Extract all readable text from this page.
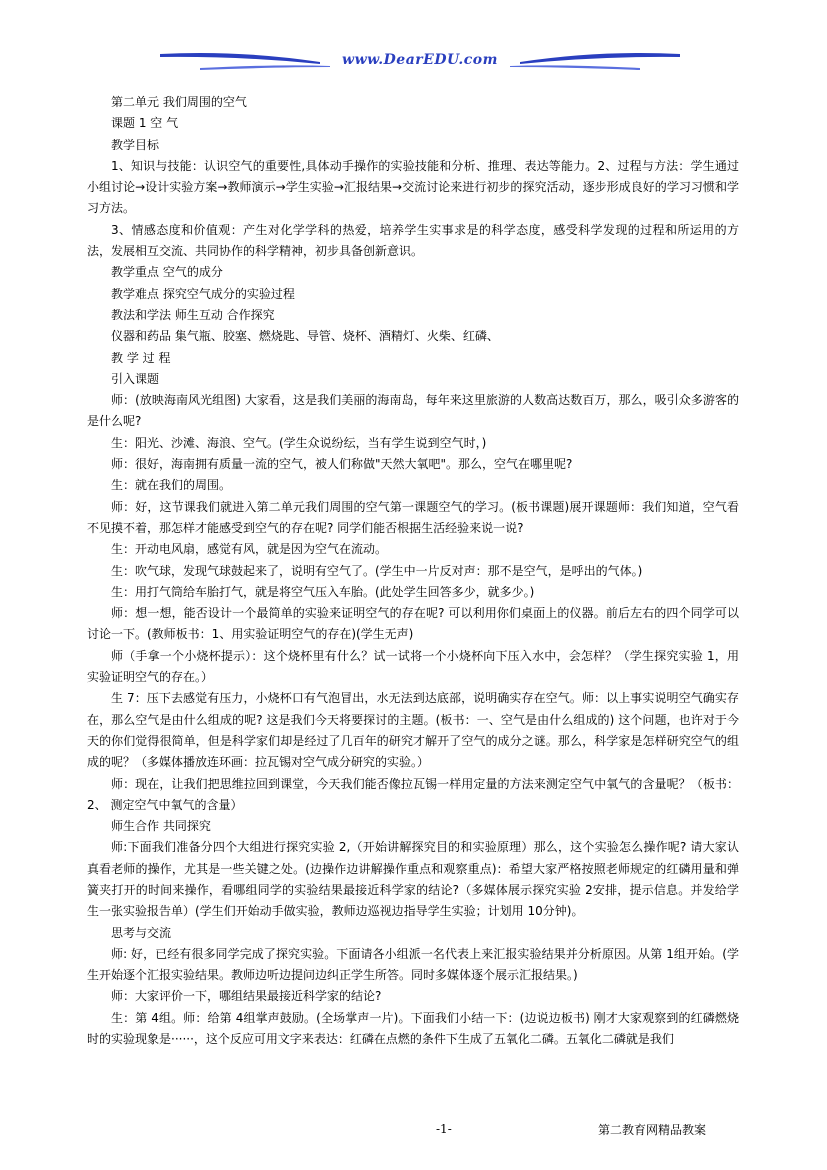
www.DearEDU.com

第二单元 我们周围的空气

课题 1 空 气

教学目标

1、知识与技能：认识空气的重要性,具体动手操作的实验技能和分析、推理、表达等能力。2、过程与方法：学生通过小组讨论→设计实验方案→教师演示→学生实验→汇报结果→交流讨论来进行初步的探究活动，逐步形成良好的学习习惯和学习方法。

3、情感态度和价值观：产生对化学学科的热爱，培养学生实事求是的科学态度，感受科学发现的过程和所运用的方法，发展相互交流、共同协作的科学精神，初步具备创新意识。

教学重点 空气的成分

教学难点 探究空气成分的实验过程

教法和学法 师生互动 合作探究

仪器和药品 集气瓶、胶塞、燃烧匙、导管、烧杯、酒精灯、火柴、红磷、

教 学 过 程

引入课题

师：(放映海南风光组图) 大家看，这是我们美丽的海南岛，每年来这里旅游的人数高达数百万，那么，吸引众多游客的是什么呢?

生：阳光、沙滩、海浪、空气。(学生众说纷纭，当有学生说到空气时，)

师：很好，海南拥有质量一流的空气，被人们称做"天然大氧吧"。那么，空气在哪里呢?

生：就在我们的周围。

师：好，这节课我们就进入第二单元我们周围的空气第一课题空气的学习。(板书课题)展开课题师：我们知道，空气看不见摸不着，那怎样才能感受到空气的存在呢? 同学们能否根据生活经验来说一说?

生：开动电风扇，感觉有风，就是因为空气在流动。

生：吹气球，发现气球鼓起来了，说明有空气了。(学生中一片反对声：那不是空气，是呼出的气体。)

生：用打气筒给车胎打气，就是将空气压入车胎。(此处学生回答多少，就多少。)

师：想一想，能否设计一个最简单的实验来证明空气的存在呢? 可以利用你们桌面上的仪器。前后左右的四个同学可以讨论一下。(教师板书：1、用实验证明空气的存在)(学生无声)

师（手拿一个小烧杯提示）：这个烧杯里有什么？试一试将一个小烧杯向下压入水中，会怎样？（学生探究实验 1，用实验证明空气的存在。）

生 7：压下去感觉有压力，小烧杯口有气泡冒出，水无法到达底部，说明确实存在空气。师：以上事实说明空气确实存在，那么空气是由什么组成的呢? 这是我们今天将要探讨的主题。(板书：一、空气是由什么组成的) 这个问题，也许对于今天的你们觉得很简单，但是科学家们却是经过了几百年的研究才解开了空气的成分之谜。那么，科学家是怎样研究空气的组成的呢？（多媒体播放连环画：拉瓦锡对空气成分研究的实验。）

师：现在，让我们把思维拉回到课堂，今天我们能否像拉瓦锡一样用定量的方法来测定空气中氧气的含量呢？（板书：2、 测定空气中氧气的含量）

师生合作 共同探究

师:下面我们准备分四个大组进行探究实验 2,（开始讲解探究目的和实验原理）那么，这个实验怎么操作呢? 请大家认真看老师的操作，尤其是一些关键之处。(边操作边讲解操作重点和观察重点)：希望大家严格按照老师规定的红磷用量和弹簧夹打开的时间来操作，看哪组同学的实验结果最接近科学家的结论?（多媒体展示探究实验 2安排，提示信息。并发给学生一张实验报告单）(学生们开始动手做实验，教师边巡视边指导学生实验；计划用 10分钟)。

思考与交流

师: 好，已经有很多同学完成了探究实验。下面请各小组派一名代表上来汇报实验结果并分析原因。从第 1组开始。(学生开始逐个汇报实验结果。教师边听边提问边纠正学生所答。同时多媒体逐个展示汇报结果。)

师：大家评价一下，哪组结果最接近科学家的结论?

生：第 4组。师：给第 4组掌声鼓励。(全场掌声一片)。下面我们小结一下：(边说边板书) 刚才大家观察到的红磷燃烧时的实验现象是······，这个反应可用文字来表达：红磷在点燃的条件下生成了五氧化二磷。五氧化二磷就是我们

-1-	第二教育网精品教案
